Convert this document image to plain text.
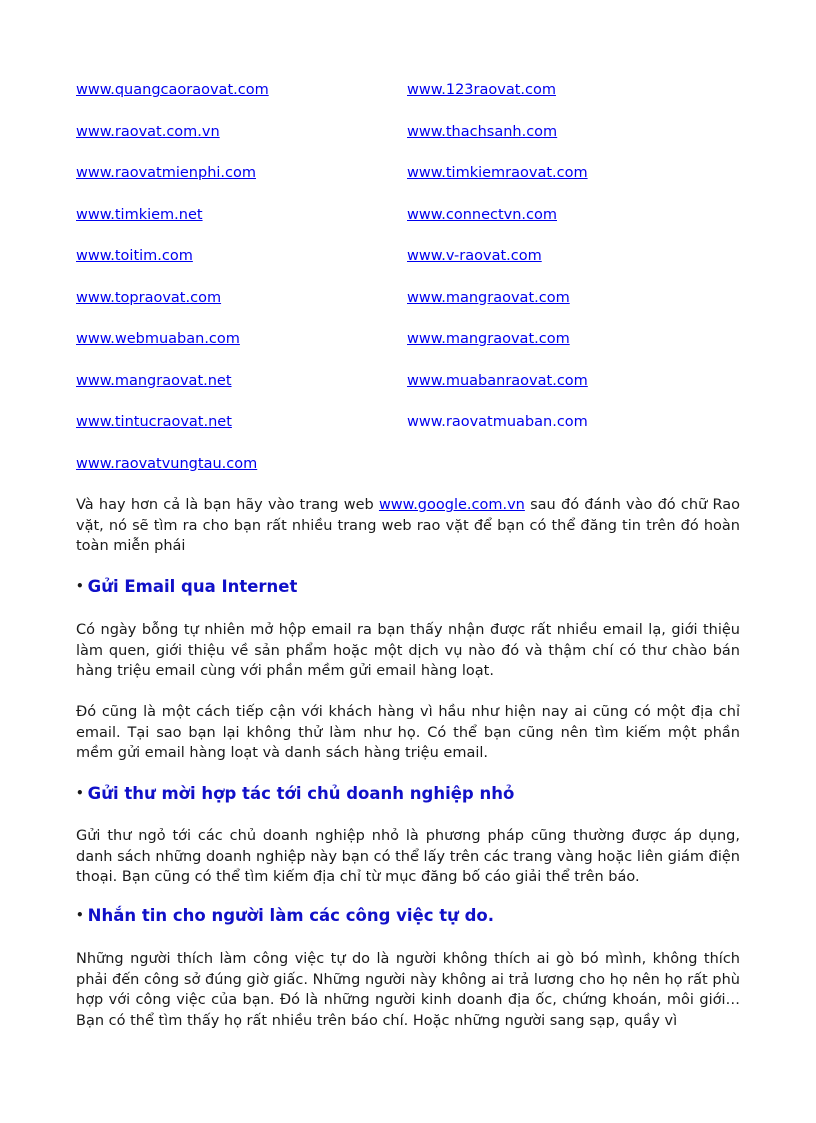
www.quangcaoraovat.com	www.123raovat.com
www.raovat.com.vn	www.thachsanh.com
www.raovatmienphi.com	www.timkiemraovat.com
www.timkiem.net	www.connectvn.com
www.toitim.com	www.v-raovat.com
www.topraovat.com	www.mangraovat.com
www.webmuaban.com	www.mangraovat.com
www.mangraovat.net	www.muabanraovat.com
www.tintucraovat.net	www.raovatmuaban.com
www.raovatvungtau.com

Và hay hơn cả là bạn hãy vào trang web www.google.com.vn sau đó đánh vào đó chữ Rao vặt, nó sẽ tìm ra cho bạn rất nhiều trang web rao vặt để bạn có thể đăng tin trên đó hoàn toàn miễn phái

• Gửi Email qua Internet

Có ngày bỗng tự nhiên mở hộp email ra bạn thấy nhận được rất nhiều email lạ, giới thiệu làm quen, giới thiệu về sản phẩm hoặc một dịch vụ nào đó và thậm chí có thư chào bán hàng triệu email cùng với phần mềm gửi email hàng loạt.

Đó cũng là một cách tiếp cận với khách hàng vì hầu như hiện nay ai cũng có một địa chỉ email. Tại sao bạn lại không thử làm như họ. Có thể bạn cũng nên tìm kiếm một phần mềm gửi email hàng loạt và danh sách hàng triệu email.

• Gửi thư mời hợp tác tới chủ doanh nghiệp nhỏ

Gửi thư ngỏ tới các chủ doanh nghiệp nhỏ là phương pháp cũng thường được áp dụng, danh sách những doanh nghiệp này bạn có thể lấy trên các trang vàng hoặc liên giám điện thoại. Bạn cũng có thể tìm kiếm địa chỉ từ mục đăng bố cáo giải thể trên báo.

• Nhắn tin cho người làm các công việc tự do.

Những người thích làm công việc tự do là người không thích ai gò bó mình, không thích phải đến công sở đúng giờ giấc. Những người này không ai trả lương cho họ nên họ rất phù hợp với công việc của bạn. Đó là những người kinh doanh địa ốc, chứng khoán, môi giới… Bạn có thể tìm thấy họ rất nhiều trên báo chí. Hoặc những người sang sạp, quầy vì
